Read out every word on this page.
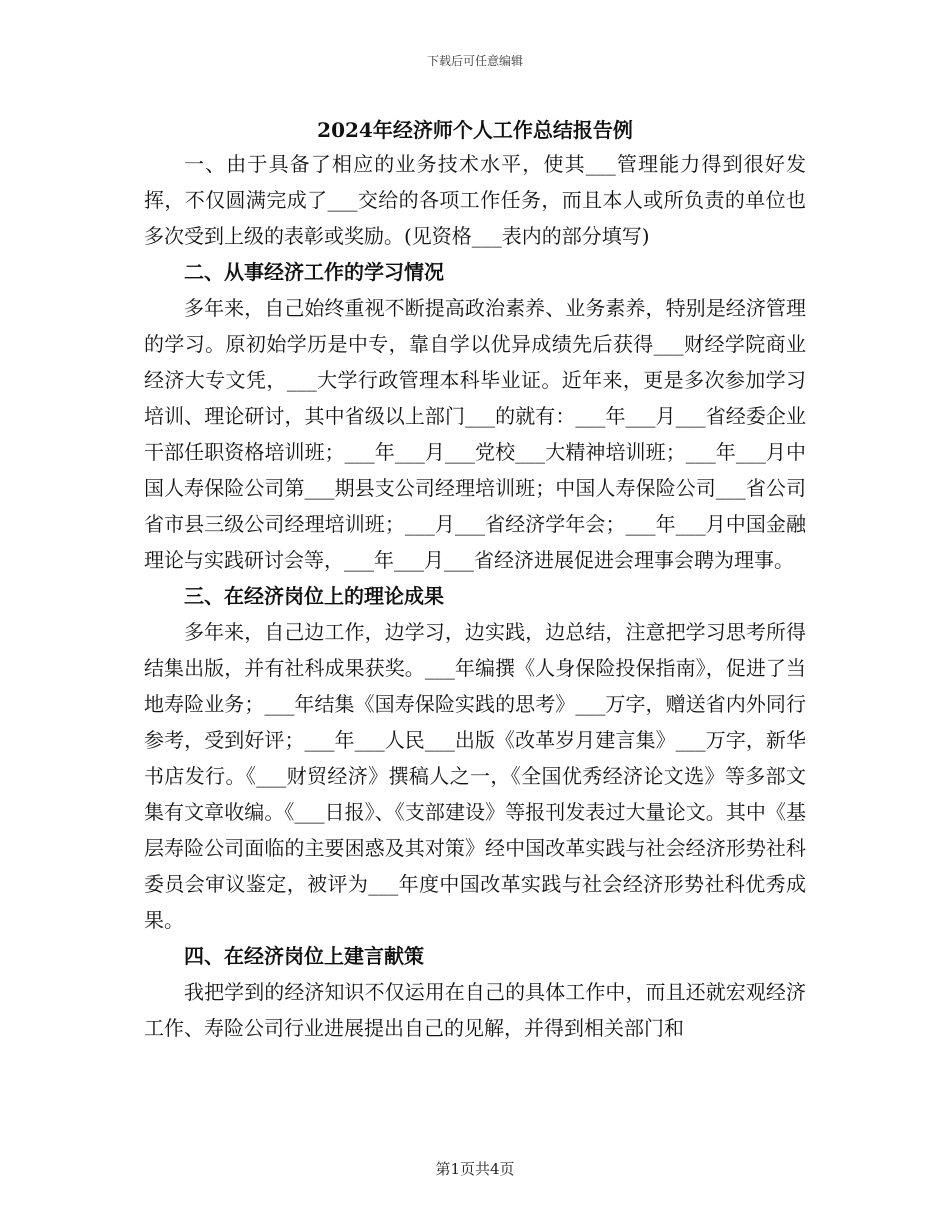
下载后可任意编辑
2024年经济师个人工作总结报告例

一、由于具备了相应的业务技术水平，使其___管理能力得到很好发挥，不仅圆满完成了___交给的各项工作任务，而且本人或所负责的单位也多次受到上级的表彰或奖励。(见资格___表内的部分填写)

二、从事经济工作的学习情况

多年来，自己始终重视不断提高政治素养、业务素养，特别是经济管理的学习。原初始学历是中专，靠自学以优异成绩先后获得___财经学院商业经济大专文凭，___大学行政管理本科毕业证。近年来，更是多次参加学习培训、理论研讨，其中省级以上部门___的就有：___年___月___省经委企业干部任职资格培训班；___年___月___党校___大精神培训班；___年___月中国人寿保险公司第___期县支公司经理培训班；中国人寿保险公司___省公司省市县三级公司经理培训班；___月___省经济学年会；___年___月中国金融理论与实践研讨会等，___年___月___省经济进展促进会理事会聘为理事。

三、在经济岗位上的理论成果

多年来，自己边工作，边学习，边实践，边总结，注意把学习思考所得结集出版，并有社科成果获奖。___年编撰《人身保险投保指南》，促进了当地寿险业务；___年结集《国寿保险实践的思考》___万字，赠送省内外同行参考，受到好评；___年___人民___出版《改革岁月建言集》___万字，新华书店发行。《___财贸经济》撰稿人之一，《全国优秀经济论文选》等多部文集有文章收编。《___日报》、《支部建设》等报刊发表过大量论文。其中《基层寿险公司面临的主要困惑及其对策》经中国改革实践与社会经济形势社科委员会审议鉴定，被评为___年度中国改革实践与社会经济形势社科优秀成果。

四、在经济岗位上建言献策

我把学到的经济知识不仅运用在自己的具体工作中，而且还就宏观经济工作、寿险公司行业进展提出自己的见解，并得到相关部门和

第1页共4页
